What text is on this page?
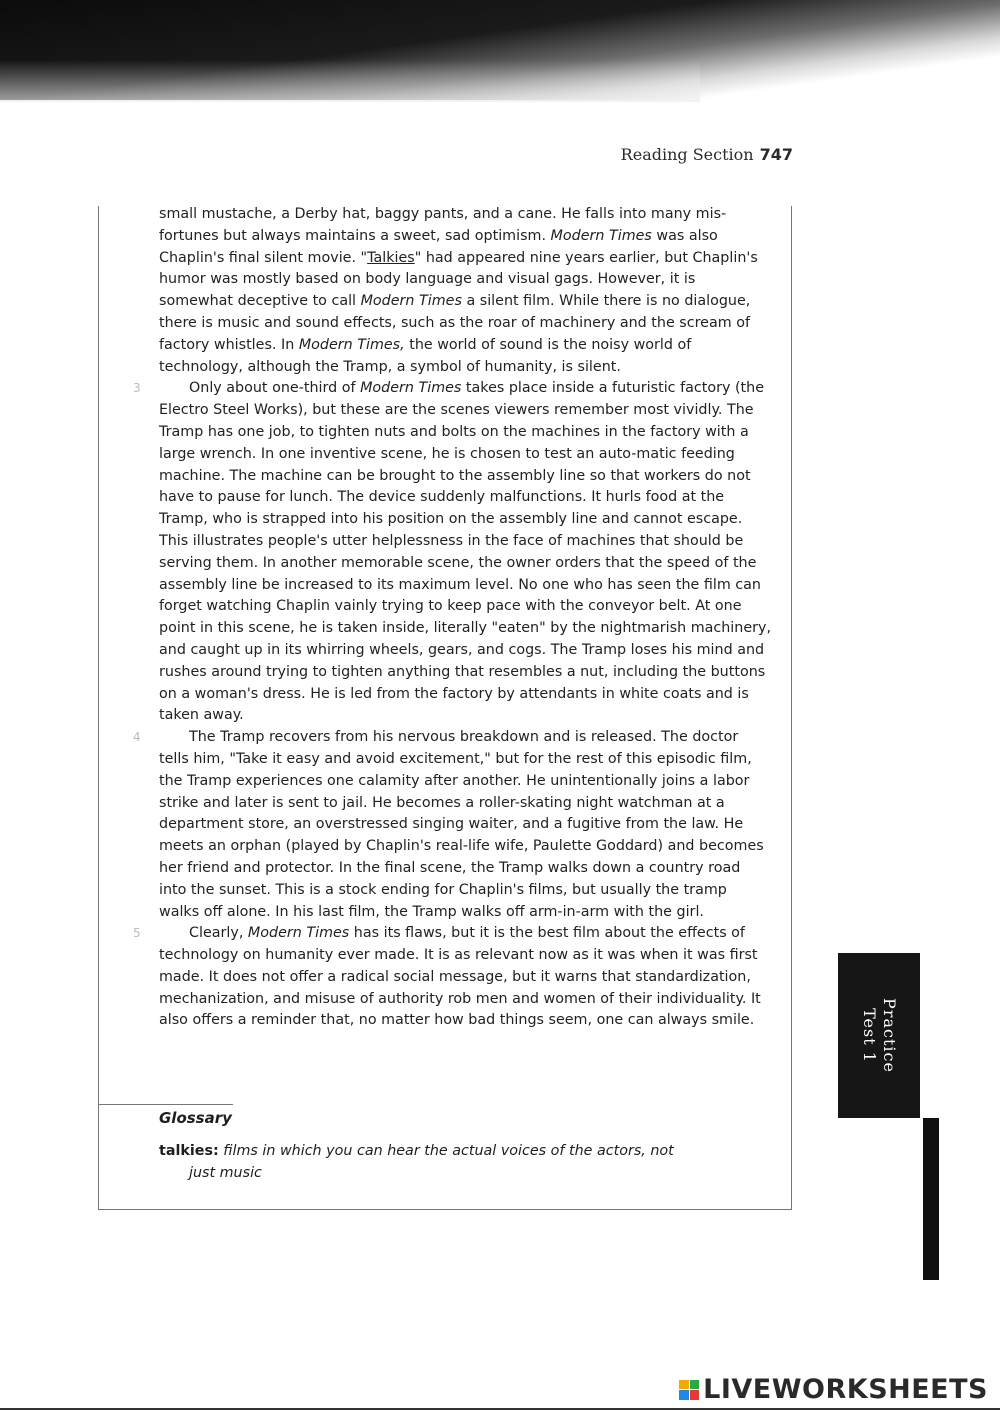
Reading Section 747

small mustache, a Derby hat, baggy pants, and a cane. He falls into many mis-fortunes but always maintains a sweet, sad optimism. Modern Times was also Chaplin's final silent movie. "Talkies" had appeared nine years earlier, but Chaplin's humor was mostly based on body language and visual gags. However, it is somewhat deceptive to call Modern Times a silent film. While there is no dialogue, there is music and sound effects, such as the roar of machinery and the scream of factory whistles. In Modern Times, the world of sound is the noisy world of technology, although the Tramp, a symbol of humanity, is silent.

3	Only about one-third of Modern Times takes place inside a futuristic factory (the Electro Steel Works), but these are the scenes viewers remember most vividly. The Tramp has one job, to tighten nuts and bolts on the machines in the factory with a large wrench. In one inventive scene, he is chosen to test an auto-matic feeding machine. The machine can be brought to the assembly line so that workers do not have to pause for lunch. The device suddenly malfunctions. It hurls food at the Tramp, who is strapped into his position on the assembly line and cannot escape. This illustrates people's utter helplessness in the face of machines that should be serving them. In another memorable scene, the owner orders that the speed of the assembly line be increased to its maximum level. No one who has seen the film can forget watching Chaplin vainly trying to keep pace with the conveyor belt. At one point in this scene, he is taken inside, literally "eaten" by the nightmarish machinery, and caught up in its whirring wheels, gears, and cogs. The Tramp loses his mind and rushes around trying to tighten anything that resembles a nut, including the buttons on a woman's dress. He is led from the factory by attendants in white coats and is taken away.

4	The Tramp recovers from his nervous breakdown and is released. The doctor tells him, "Take it easy and avoid excitement," but for the rest of this episodic film, the Tramp experiences one calamity after another. He unintentionally joins a labor strike and later is sent to jail. He becomes a roller-skating night watchman at a department store, an overstressed singing waiter, and a fugitive from the law. He meets an orphan (played by Chaplin's real-life wife, Paulette Goddard) and becomes her friend and protector. In the final scene, the Tramp walks down a country road into the sunset. This is a stock ending for Chaplin's films, but usually the tramp walks off alone. In his last film, the Tramp walks off arm-in-arm with the girl.

5	Clearly, Modern Times has its flaws, but it is the best film about the effects of technology on humanity ever made. It is as relevant now as it was when it was first made. It does not offer a radical social message, but it warns that standardization, mechanization, and misuse of authority rob men and women of their individuality. It also offers a reminder that, no matter how bad things seem, one can always smile.

Glossary
talkies: films in which you can hear the actual voices of the actors, not
just music
Practice
Test 1
LIVEWORKSHEETS
